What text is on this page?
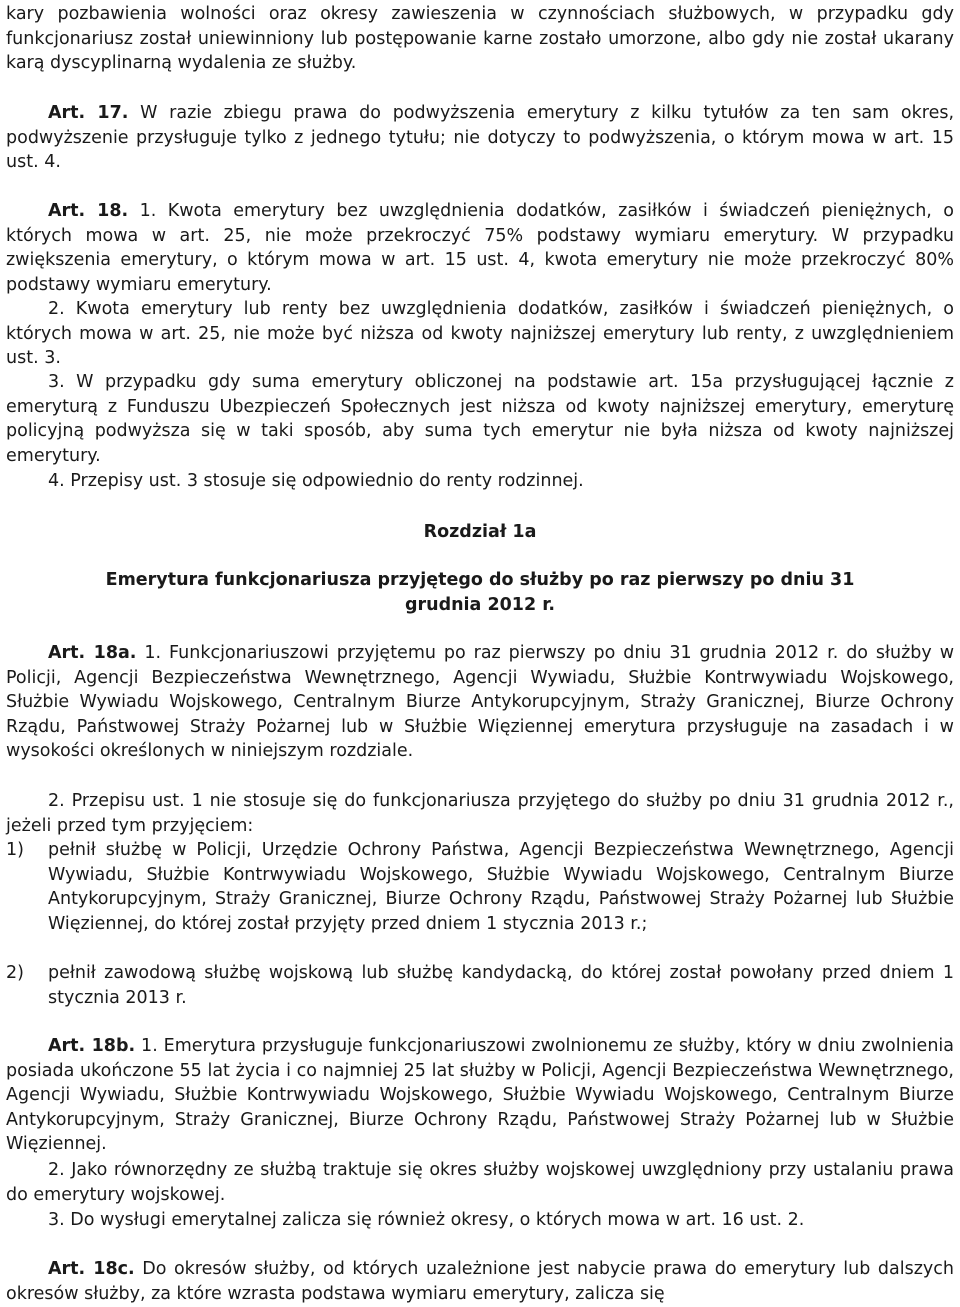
kary pozbawienia wolności oraz okresy zawieszenia w czynnościach służbowych, w przypadku gdy funkcjonariusz został uniewinniony lub postępowanie karne zostało umorzone, albo gdy nie został ukarany karą dyscyplinarną wydalenia ze służby.

Art. 17. W razie zbiegu prawa do podwyższenia emerytury z kilku tytułów za ten sam okres, podwyższenie przysługuje tylko z jednego tytułu; nie dotyczy to podwyższenia, o którym mowa w art. 15 ust. 4.

Art. 18. 1. Kwota emerytury bez uwzględnienia dodatków, zasiłków i świadczeń pieniężnych, o których mowa w art. 25, nie może przekroczyć 75% podstawy wymiaru emerytury. W przypadku zwiększenia emerytury, o którym mowa w art. 15 ust. 4, kwota emerytury nie może przekroczyć 80% podstawy wymiaru emerytury.

2. Kwota emerytury lub renty bez uwzględnienia dodatków, zasiłków i świadczeń pieniężnych, o których mowa w art. 25, nie może być niższa od kwoty najniższej emerytury lub renty, z uwzględnieniem ust. 3.

3. W przypadku gdy suma emerytury obliczonej na podstawie art. 15a przysługującej łącznie z emeryturą z Funduszu Ubezpieczeń Społecznych jest niższa od kwoty najniższej emerytury, emeryturę policyjną podwyższa się w taki sposób, aby suma tych emerytur nie była niższa od kwoty najniższej emerytury.

4. Przepisy ust. 3 stosuje się odpowiednio do renty rodzinnej.

Rozdział 1a

Emerytura funkcjonariusza przyjętego do służby po raz pierwszy po dniu 31

grudnia 2012 r.

Art. 18a. 1. Funkcjonariuszowi przyjętemu po raz pierwszy po dniu 31 grudnia 2012 r. do służby w Policji, Agencji Bezpieczeństwa Wewnętrznego, Agencji Wywiadu, Służbie Kontrwywiadu Wojskowego, Służbie Wywiadu Wojskowego, Centralnym Biurze Antykorupcyjnym, Straży Granicznej, Biurze Ochrony Rządu, Państwowej Straży Pożarnej lub w Służbie Więziennej emerytura przysługuje na zasadach i w wysokości określonych w niniejszym rozdziale.

2. Przepisu ust. 1 nie stosuje się do funkcjonariusza przyjętego do służby po dniu 31 grudnia 2012 r., jeżeli przed tym przyjęciem:

1)	pełnił służbę w Policji, Urzędzie Ochrony Państwa, Agencji Bezpieczeństwa Wewnętrznego, Agencji Wywiadu, Służbie Kontrwywiadu Wojskowego, Służbie Wywiadu Wojskowego, Centralnym Biurze Antykorupcyjnym, Straży Granicznej, Biurze Ochrony Rządu, Państwowej Straży Pożarnej lub Służbie Więziennej, do której został przyjęty przed dniem 1 stycznia 2013 r.;
2)	pełnił zawodową służbę wojskową lub służbę kandydacką, do której został powołany przed dniem 1 stycznia 2013 r.

Art. 18b. 1. Emerytura przysługuje funkcjonariuszowi zwolnionemu ze służby, który w dniu zwolnienia posiada ukończone 55 lat życia i co najmniej 25 lat służby w Policji, Agencji Bezpieczeństwa Wewnętrznego, Agencji Wywiadu, Służbie Kontrwywiadu Wojskowego, Służbie Wywiadu Wojskowego, Centralnym Biurze Antykorupcyjnym, Straży Granicznej, Biurze Ochrony Rządu, Państwowej Straży Pożarnej lub w Służbie Więziennej.

2. Jako równorzędny ze służbą traktuje się okres służby wojskowej uwzględniony przy ustalaniu prawa do emerytury wojskowej.

3. Do wysługi emerytalnej zalicza się również okresy, o których mowa w art. 16 ust. 2.

Art. 18c. Do okresów służby, od których uzależnione jest nabycie prawa do emerytury lub dalszych okresów służby, za które wzrasta podstawa wymiaru emerytury, zalicza się
